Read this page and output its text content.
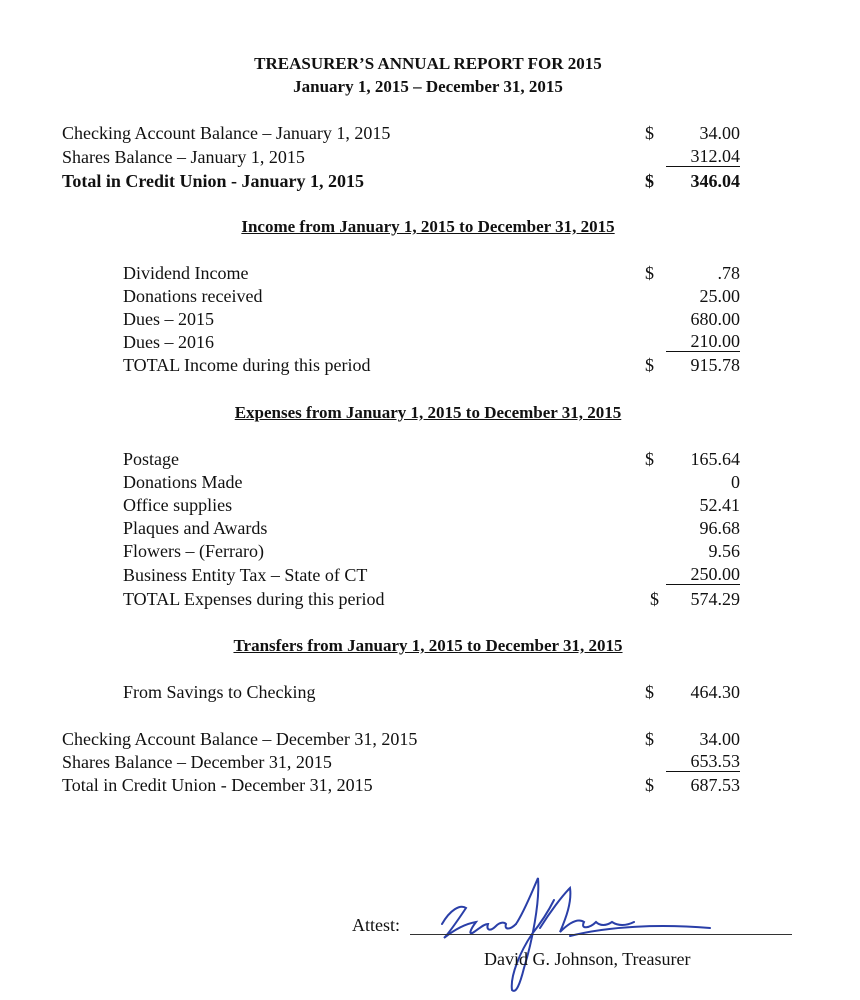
TREASURER’S ANNUAL REPORT FOR 2015
January 1, 2015 – December 31, 2015
Checking Account Balance – January 1, 2015	$	34.00
Shares Balance – January 1, 2015	312.04
Total in Credit Union - January 1, 2015	$	346.04
Income from January 1, 2015 to December 31, 2015
Dividend Income	$	.78
Donations received	25.00
Dues – 2015	680.00
Dues – 2016	210.00
TOTAL Income during this period	$	915.78
Expenses from January 1, 2015 to December 31, 2015
Postage	$	165.64
Donations Made	0
Office supplies	52.41
Plaques and Awards	96.68
Flowers – (Ferraro)	9.56
Business Entity Tax – State of CT	250.00
TOTAL Expenses during this period	$	574.29
Transfers from January 1, 2015 to December 31, 2015
From Savings to Checking	$	464.30
Checking Account Balance – December 31, 2015	$	34.00
Shares Balance – December 31, 2015	653.53
Total in Credit Union - December 31, 2015	$	687.53
Attest:
David G. Johnson, Treasurer
